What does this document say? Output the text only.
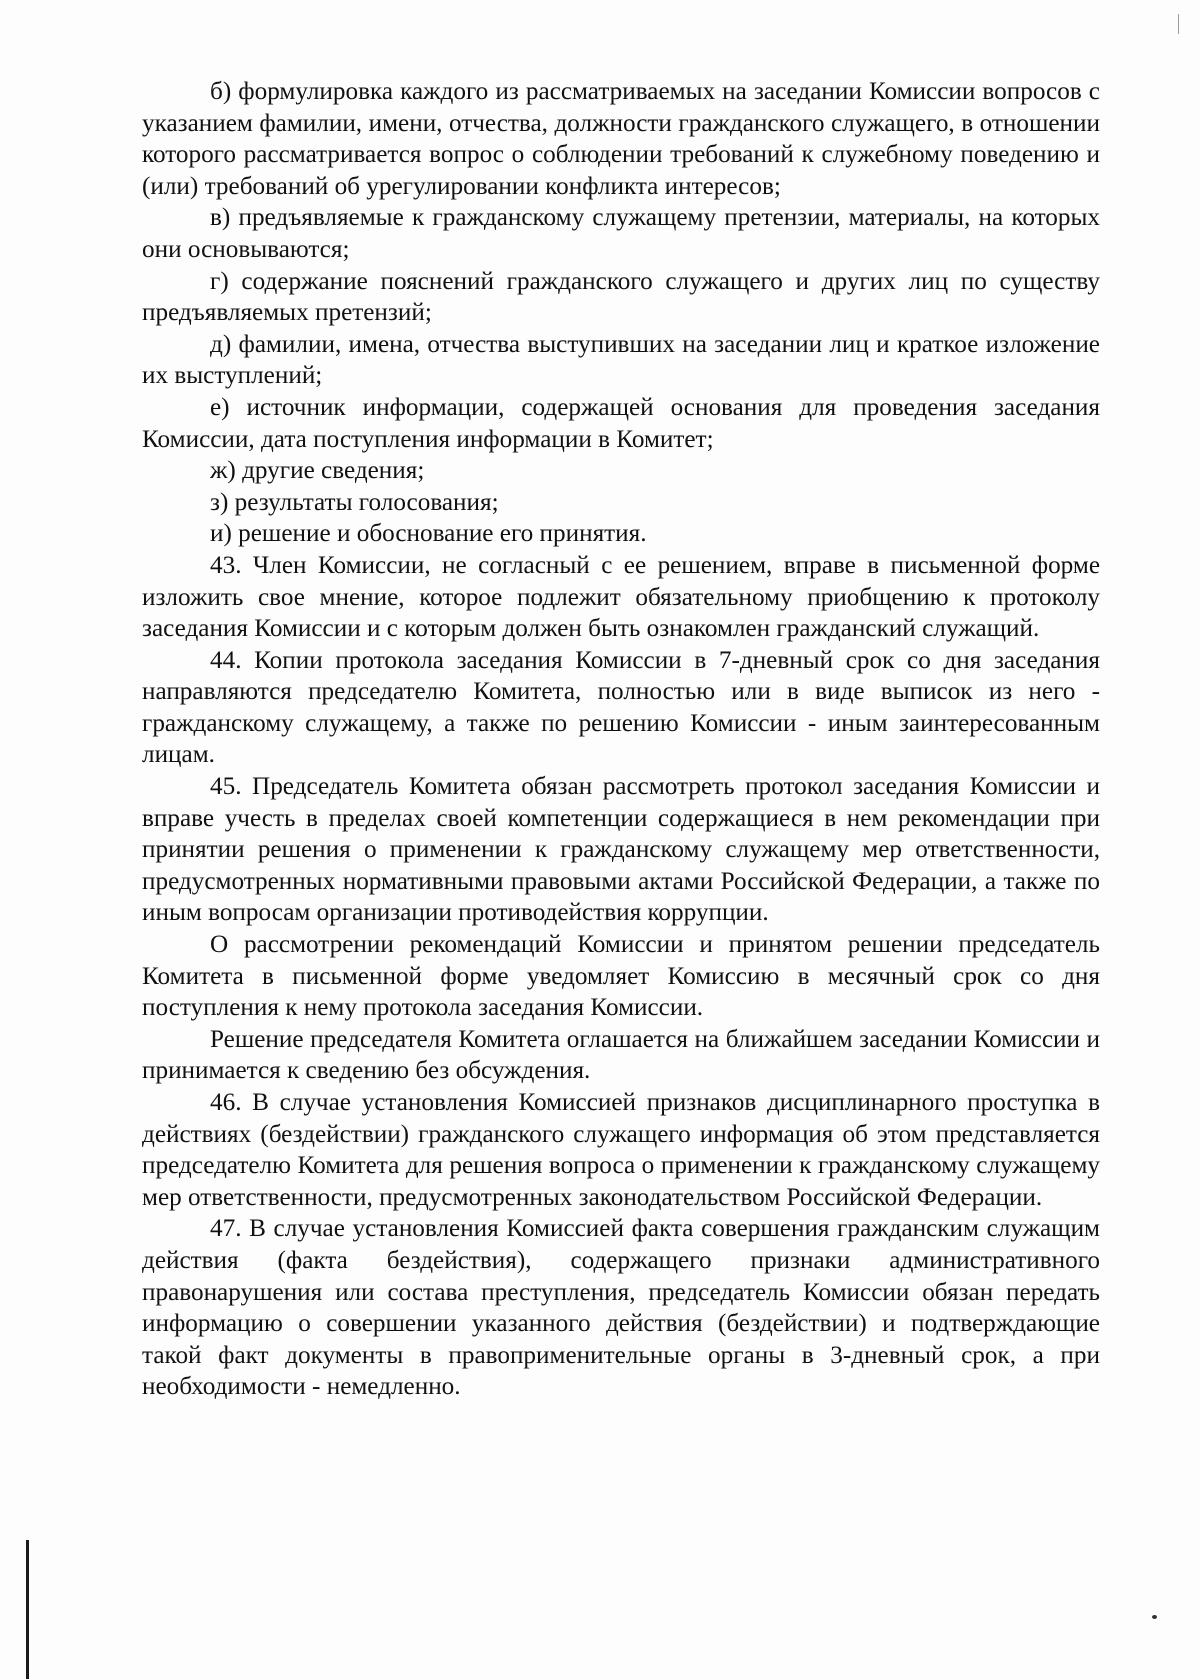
б) формулировка каждого из рассматриваемых на заседании Комиссии вопросов с указанием фамилии, имени, отчества, должности гражданского служащего, в отношении которого рассматривается вопрос о соблюдении требований к служебному поведению и (или) требований об урегулировании конфликта интересов;

в) предъявляемые к гражданскому служащему претензии, материалы, на которых они основываются;

г) содержание пояснений гражданского служащего и других лиц по существу предъявляемых претензий;

д) фамилии, имена, отчества выступивших на заседании лиц и краткое изложение их выступлений;

е) источник информации, содержащей основания для проведения заседания Комиссии, дата поступления информации в Комитет;

ж) другие сведения;

з) результаты голосования;

и) решение и обоснование его принятия.

43. Член Комиссии, не согласный с ее решением, вправе в письменной форме изложить свое мнение, которое подлежит обязательному приобщению к протоколу заседания Комиссии и с которым должен быть ознакомлен гражданский служащий.

44. Копии протокола заседания Комиссии в 7-дневный срок со дня заседания направляются председателю Комитета, полностью или в виде выписок из него - гражданскому служащему, а также по решению Комиссии - иным заинтересованным лицам.

45. Председатель Комитета обязан рассмотреть протокол заседания Комиссии и вправе учесть в пределах своей компетенции содержащиеся в нем рекомендации при принятии решения о применении к гражданскому служащему мер ответственности, предусмотренных нормативными правовыми актами Российской Федерации, а также по иным вопросам организации противодействия коррупции.

О рассмотрении рекомендаций Комиссии и принятом решении председатель Комитета в письменной форме уведомляет Комиссию в месячный срок со дня поступления к нему протокола заседания Комиссии.

Решение председателя Комитета оглашается на ближайшем заседании Комиссии и принимается к сведению без обсуждения.

46. В случае установления Комиссией признаков дисциплинарного проступка в действиях (бездействии) гражданского служащего информация об этом представляется председателю Комитета для решения вопроса о применении к гражданскому служащему мер ответственности, предусмотренных законодательством Российской Федерации.

47. В случае установления Комиссией факта совершения гражданским служащим действия (факта бездействия), содержащего признаки административного правонарушения или состава преступления, председатель Комиссии обязан передать информацию о совершении указанного действия (бездействии) и подтверждающие такой факт документы в правоприменительные органы в 3-дневный срок, а при необходимости - немедленно.
